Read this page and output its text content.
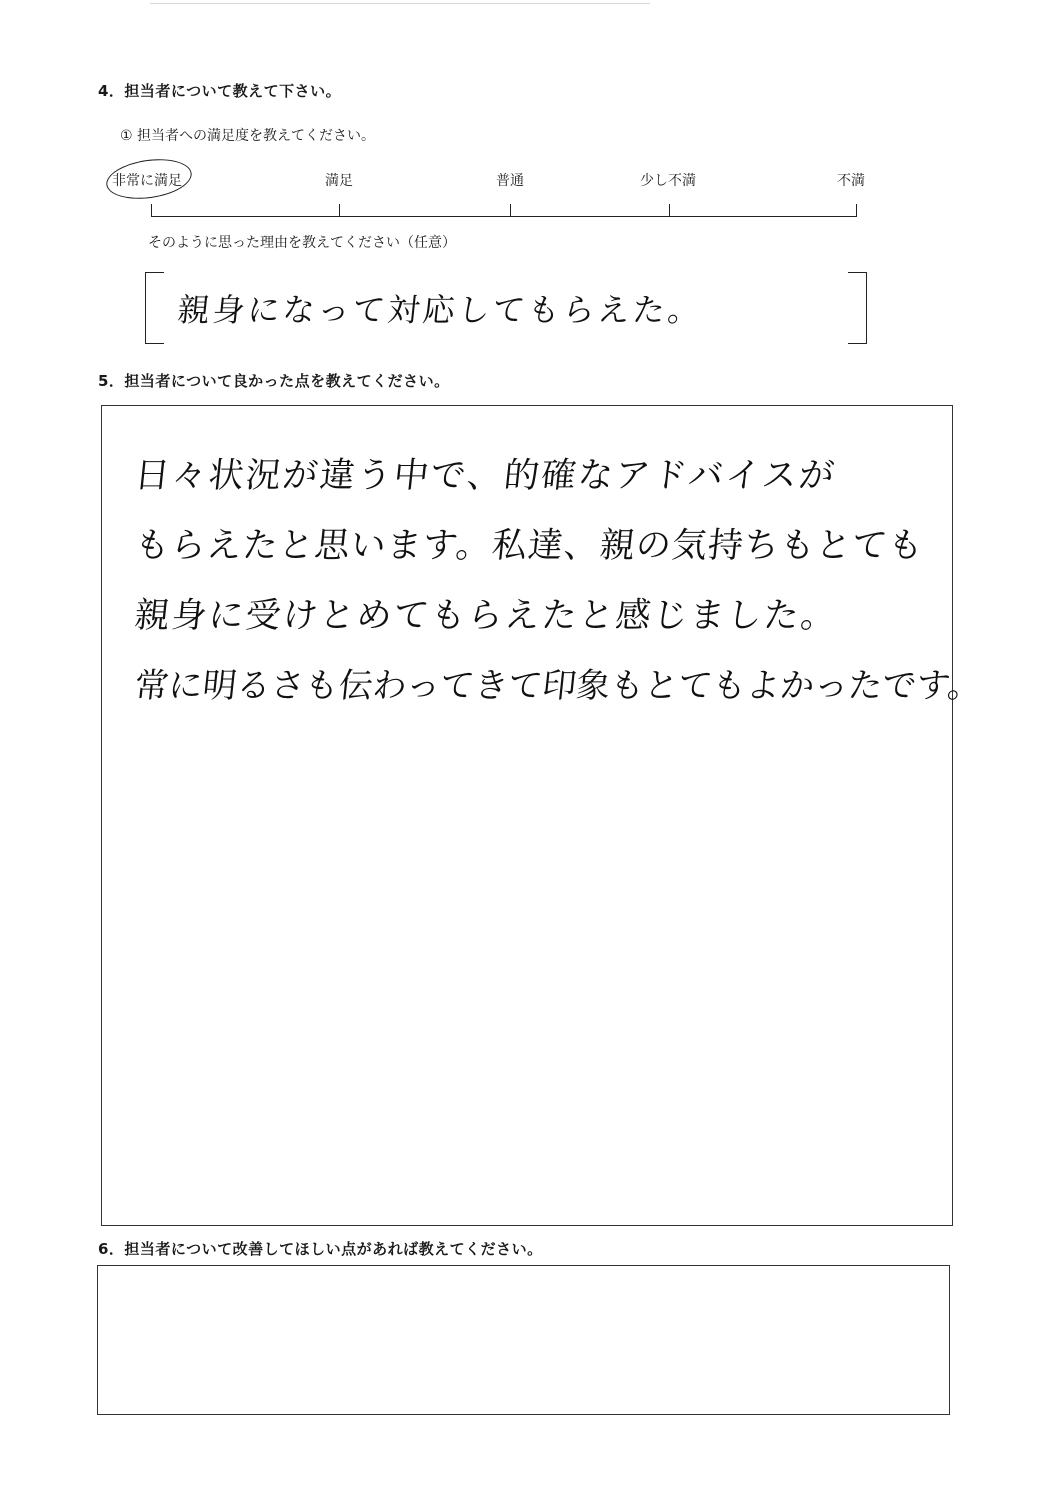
4．担当者について教えて下さい。
① 担当者への満足度を教えてください。
非常に満足	満足	普通	少し不満	不満
そのように思った理由を教えてください（任意）
親身になって対応してもらえた。
5．担当者について良かった点を教えてください。
日々状況が違う中で、的確なアドバイスが
もらえたと思います。私達、親の気持ちもとても
親身に受けとめてもらえたと感じました。
常に明るさも伝わってきて印象もとてもよかったです。
6．担当者について改善してほしい点があれば教えてください。
